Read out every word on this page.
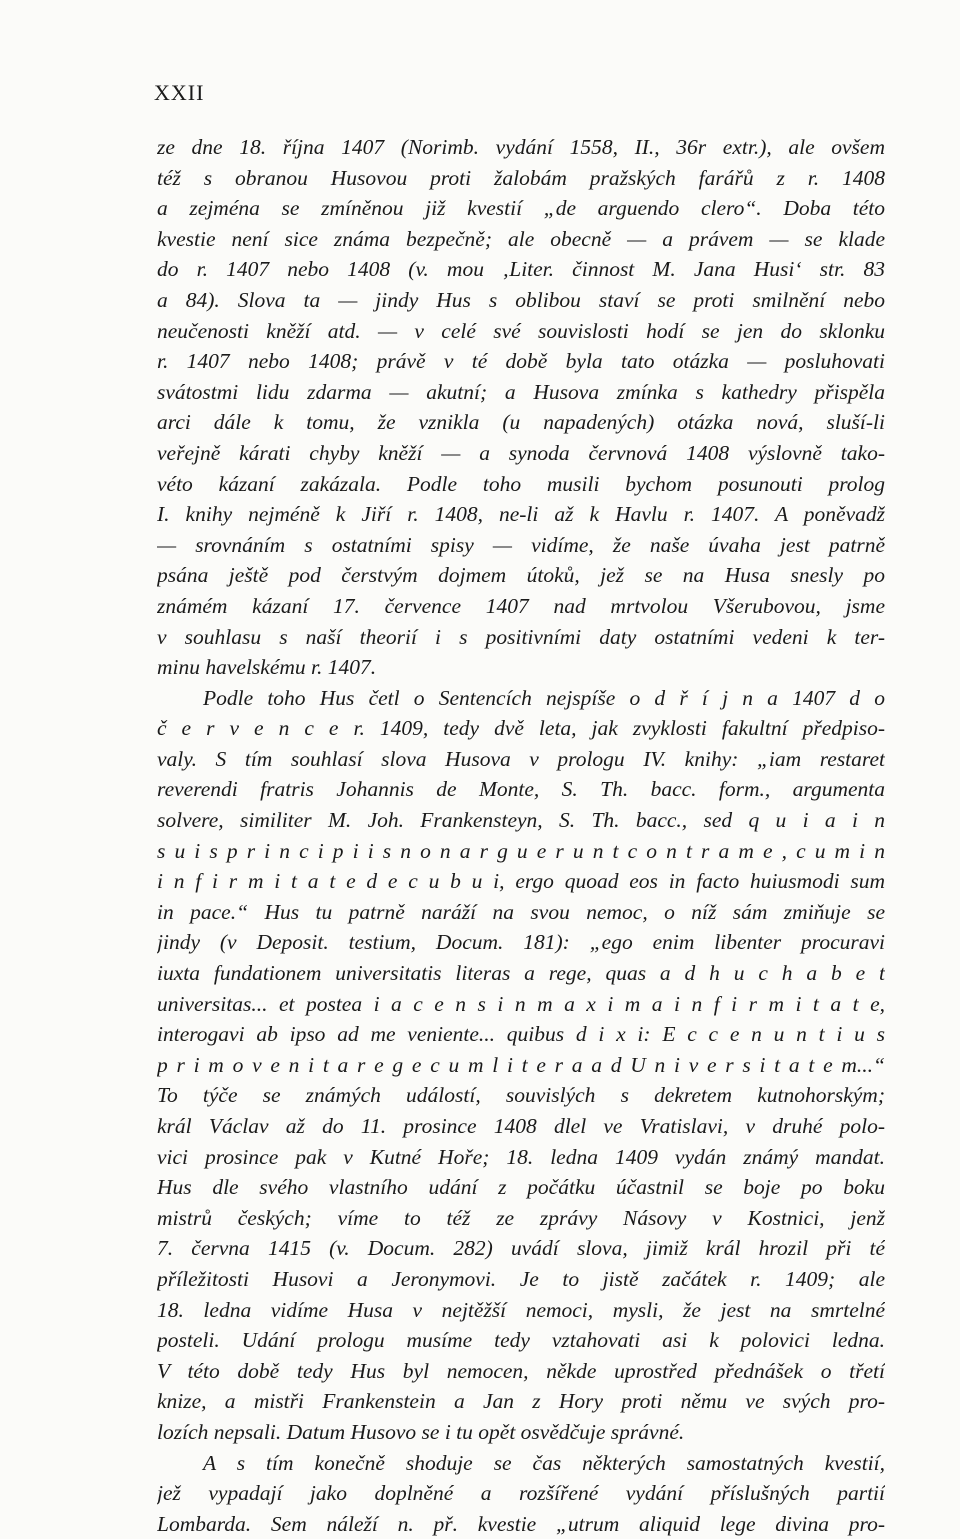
XXII
ze dne 18. října 1407 (Norimb. vydání 1558, II., 36r extr.), ale ovšem
též s obranou Husovou proti žalobám pražských farářů z r. 1408
a zejména se zmíněnou již kvestií „de arguendo clero“. Doba této
kvestie není sice známa bezpečně; ale obecně — a právem — se klade
do r. 1407 nebo 1408 (v. mou ‚Liter. činnost M. Jana Husi‘ str. 83
a 84). Slova ta — jindy Hus s oblibou staví se proti smilnění nebo
neučenosti kněží atd. — v celé své souvislosti hodí se jen do sklonku
r. 1407 nebo 1408; právě v té době byla tato otázka — posluhovati
svátostmi lidu zdarma — akutní; a Husova zmínka s kathedry přispěla
arci dále k tomu, že vznikla (u napadených) otázka nová, sluší-li
veřejně kárati chyby kněží — a synoda červnová 1408 výslovně tako-
véto kázaní zakázala. Podle toho musili bychom posunouti prolog
I. knihy nejméně k Jiří r. 1408, ne-li až k Havlu r. 1407. A poněvadž
— srovnáním s ostatními spisy — vidíme, že naše úvaha jest patrně
psána ještě pod čerstvým dojmem útoků, jež se na Husa snesly po
známém kázaní 17. července 1407 nad mrtvolou Všerubovou, jsme
v souhlasu s naší theorií i s positivními daty ostatními vedeni k ter-
minu havelskému r. 1407.
Podle toho Hus četl o Sentencích nejspíše o d ř í j n a 1407 d o
č e r v e n c e r. 1409, tedy dvě leta, jak zvyklosti fakultní předpiso-
valy. S tím souhlasí slova Husova v prologu IV. knihy: „iam restaret
reverendi fratris Johannis de Monte, S. Th. bacc. form., argumenta
solvere, similiter M. Joh. Frankensteyn, S. Th. bacc., sed q u i a i n
s u i s p r i n c i p i i s n o n a r g u e r u n t c o n t r a m e , c u m i n
i n f i r m i t a t e d e c u b u i, ergo quoad eos in facto huiusmodi sum
in pace.“ Hus tu patrně naráží na svou nemoc, o níž sám zmiňuje se
jindy (v Deposit. testium, Docum. 181): „ego enim libenter procuravi
iuxta fundationem universitatis literas a rege, quas a d h u c h a b e t
universitas... et postea i a c e n s i n m a x i m a i n f i r m i t a t e,
interogavi ab ipso ad me veniente... quibus d i x i: E c c e n u n t i u s
p r i m o v e n i t a r e g e c u m l i t e r a a d U n i v e r s i t a t e m...“
To týče se známých událostí, souvislých s dekretem kutnohorským;
král Václav až do 11. prosince 1408 dlel ve Vratislavi, v druhé polo-
vici prosince pak v Kutné Hoře; 18. ledna 1409 vydán známý mandat.
Hus dle svého vlastního udání z počátku účastnil se boje po boku
mistrů českých; víme to též ze zprávy Násovy v Kostnici, jenž
7. června 1415 (v. Docum. 282) uvádí slova, jimiž král hrozil při té
příležitosti Husovi a Jeronymovi. Je to jistě začátek r. 1409; ale
18. ledna vidíme Husa v nejtěžší nemoci, mysli, že jest na smrtelné
posteli. Udání prologu musíme tedy vztahovati asi k polovici ledna.
V této době tedy Hus byl nemocen, někde uprostřed přednášek o třetí
knize, a mistři Frankenstein a Jan z Hory proti němu ve svých pro-
lozích nepsali. Datum Husovo se i tu opět osvědčuje správné.
A s tím konečně shoduje se čas některých samostatných kvestií,
jež vypadají jako doplněné a rozšířené vydání příslušných partií
Lombarda. Sem náleží n. př. kvestie „utrum aliquid lege divina pro-
